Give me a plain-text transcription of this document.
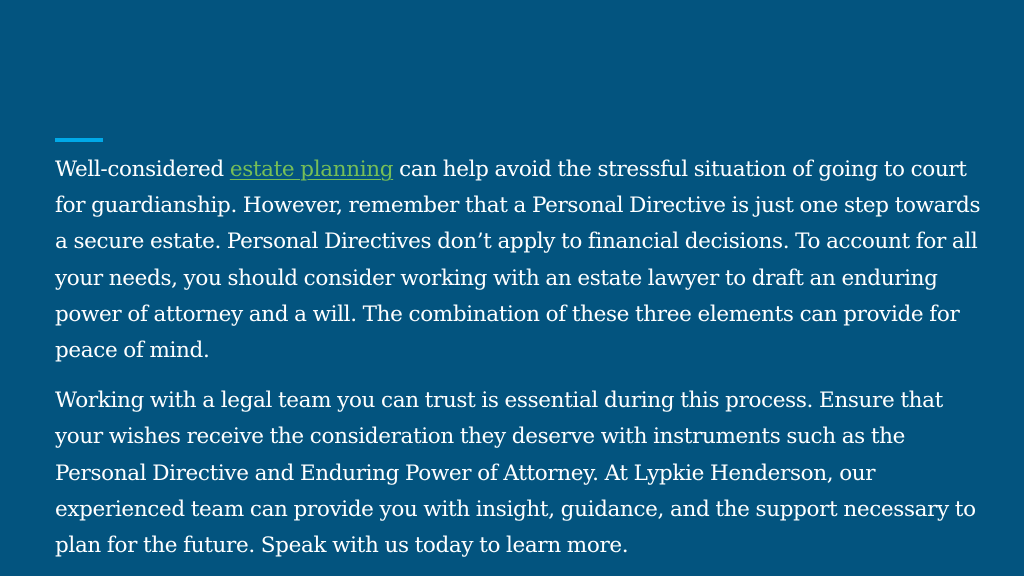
Well-considered estate planning can help avoid the stressful situation of going to court for guardianship. However, remember that a Personal Directive is just one step towards a secure estate. Personal Directives don’t apply to financial decisions. To account for all your needs, you should consider working with an estate lawyer to draft an enduring power of attorney and a will. The combination of these three elements can provide for peace of mind.

Working with a legal team you can trust is essential during this process. Ensure that your wishes receive the consideration they deserve with instruments such as the Personal Directive and Enduring Power of Attorney. At Lypkie Henderson, our experienced team can provide you with insight, guidance, and the support necessary to plan for the future. Speak with us today to learn more.
